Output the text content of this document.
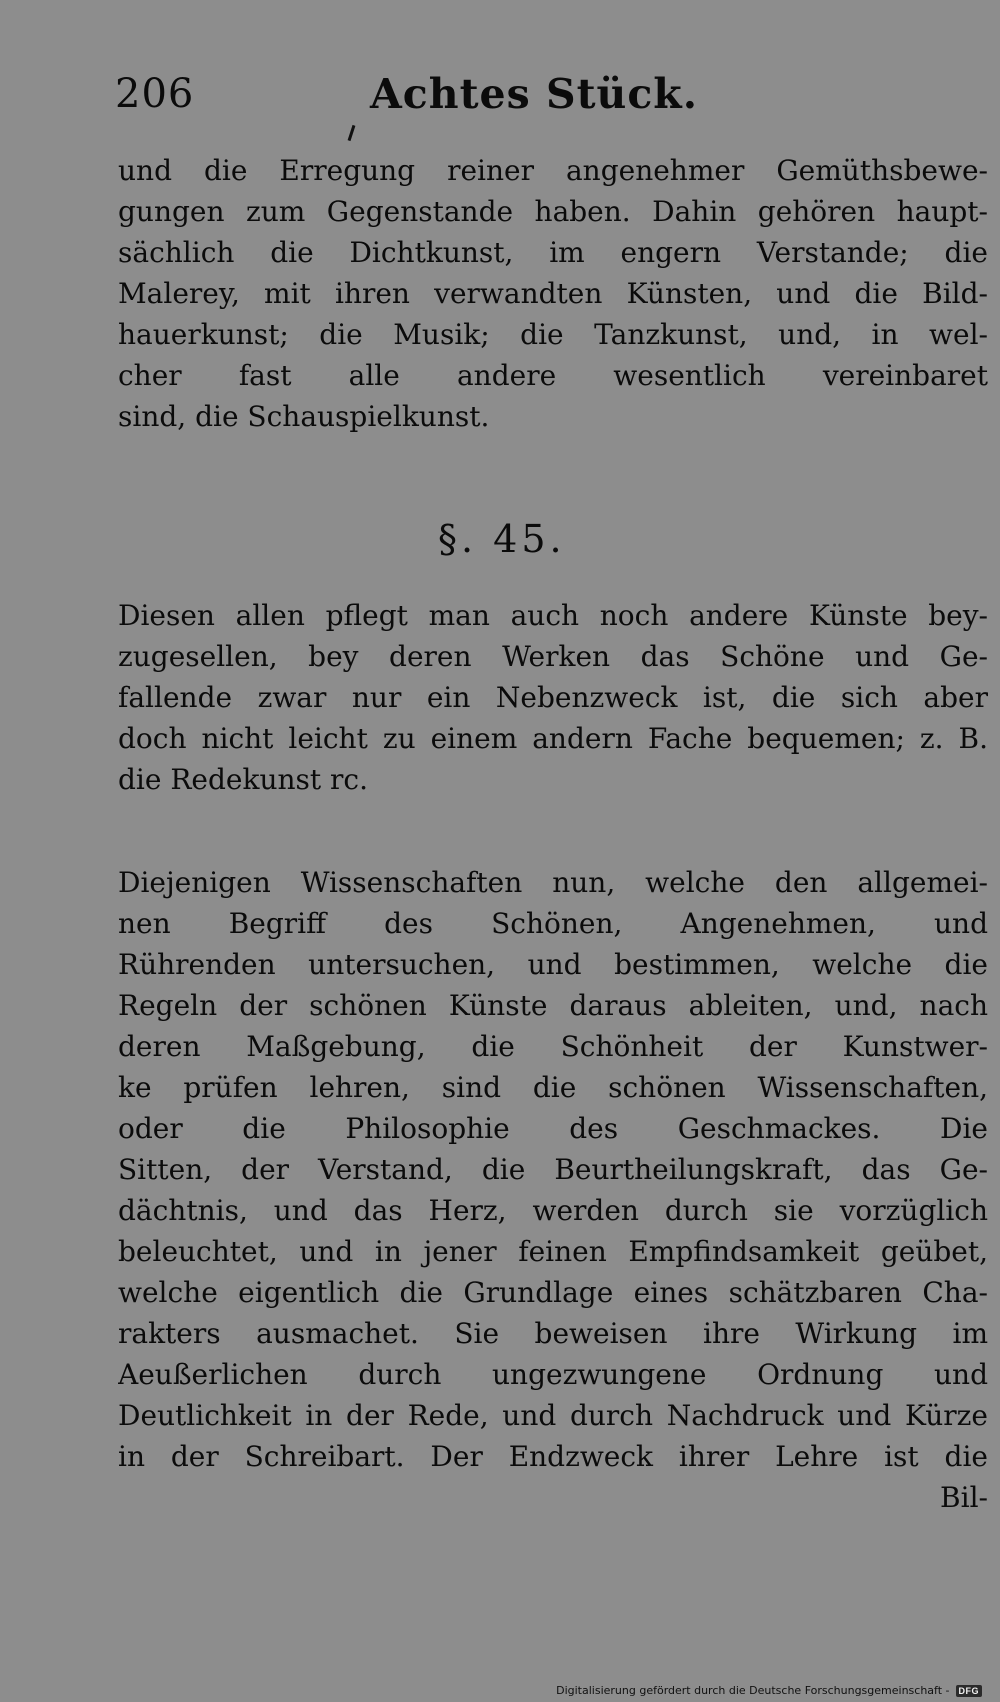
206	Achtes Stück.
und die Erregung reiner angenehmer Gemüthsbewe-
gungen zum Gegenstande haben. Dahin gehören haupt-
sächlich die Dichtkunst, im engern Verstande; die
Malerey, mit ihren verwandten Künsten, und die Bild-
hauerkunst; die Musik; die Tanzkunst, und, in wel-
cher fast alle andere wesentlich vereinbaret
sind, die Schauspielkunst.
§. 45.
Diesen allen pflegt man auch noch andere Künste bey-
zugesellen, bey deren Werken das Schöne und Ge-
fallende zwar nur ein Nebenzweck ist, die sich aber
doch nicht leicht zu einem andern Fache bequemen; z. B.
die Redekunst rc.
Diejenigen Wissenschaften nun, welche den allgemei-
nen Begriff des Schönen, Angenehmen, und
Rührenden untersuchen, und bestimmen, welche die
Regeln der schönen Künste daraus ableiten, und, nach
deren Maßgebung, die Schönheit der Kunstwer-
ke prüfen lehren, sind die schönen Wissenschaften,
oder die Philosophie des Geschmackes. Die
Sitten, der Verstand, die Beurtheilungskraft, das Ge-
dächtnis, und das Herz, werden durch sie vorzüglich
beleuchtet, und in jener feinen Empfindsamkeit geübet,
welche eigentlich die Grundlage eines schätzbaren Cha-
rakters ausmachet. Sie beweisen ihre Wirkung im
Aeußerlichen durch ungezwungene Ordnung und
Deutlichkeit in der Rede, und durch Nachdruck und Kürze
in der Schreibart. Der Endzweck ihrer Lehre ist die
Bil-
Digitalisierung gefördert durch die Deutsche Forschungsgemeinschaft -	DFG
